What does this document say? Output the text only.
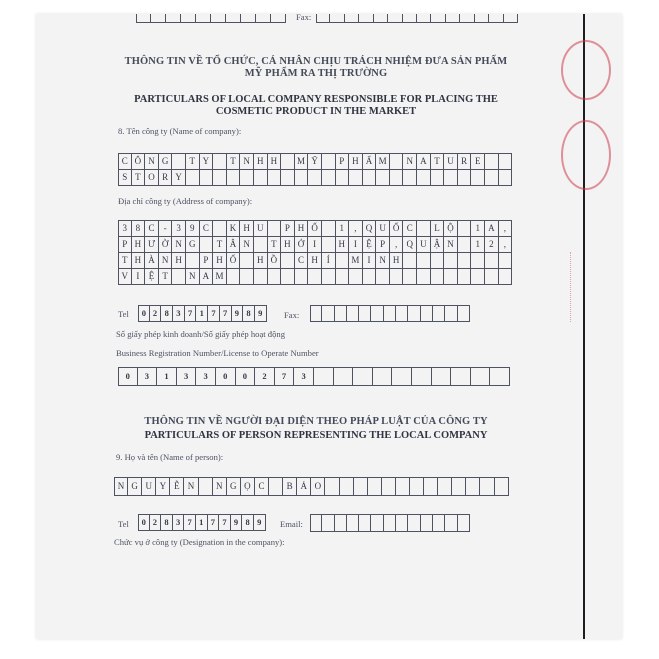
Fax:
THÔNG TIN VỀ TỔ CHỨC, CÁ NHÂN CHỊU TRÁCH NHIỆM ĐƯA SẢN PHẨM
MỸ PHẨM RA THỊ TRƯỜNG
PARTICULARS OF LOCAL COMPANY RESPONSIBLE FOR PLACING THE
COSMETIC PRODUCT IN THE MARKET
8. Tên công ty (Name of company):
C Ô N G	T Y	T N H H	M Ỹ	P H Ẩ M	N A T U R E
S T O R Y
Địa chỉ công ty (Address of company):
3 8 C	-	3	9 C	K H U	P H Ố	1	,	Q U Ố C	L Ộ	1 A	,
P H Ư Ờ N G	T Â N	T H Ớ I	H I	Ệ P	,	Q U Ậ N	1	2	,
T H À N H	P H Ố	H Ồ	C H Í	M I N H
V I	Ệ T	N A M
Tel	0 2 8 3 7 1 7 7 9 8 9	Fax:
Số giấy phép kinh doanh/Số giấy phép hoạt động
Business Registration Number/License to Operate Number
0	3	1	3	3	0	0	2	7	3
THÔNG TIN VỀ NGƯỜI ĐẠI DIỆN THEO PHÁP LUẬT CỦA CÔNG TY
PARTICULARS OF PERSON REPRESENTING THE LOCAL COMPANY
9. Họ và tên (Name of person):
N G U Y Ễ N	N G Ọ C	B Ả O
Tel	0 2 8 3 7 1 7 7 9 8 9	Email:
Chức vụ ở công ty (Designation in the company):
